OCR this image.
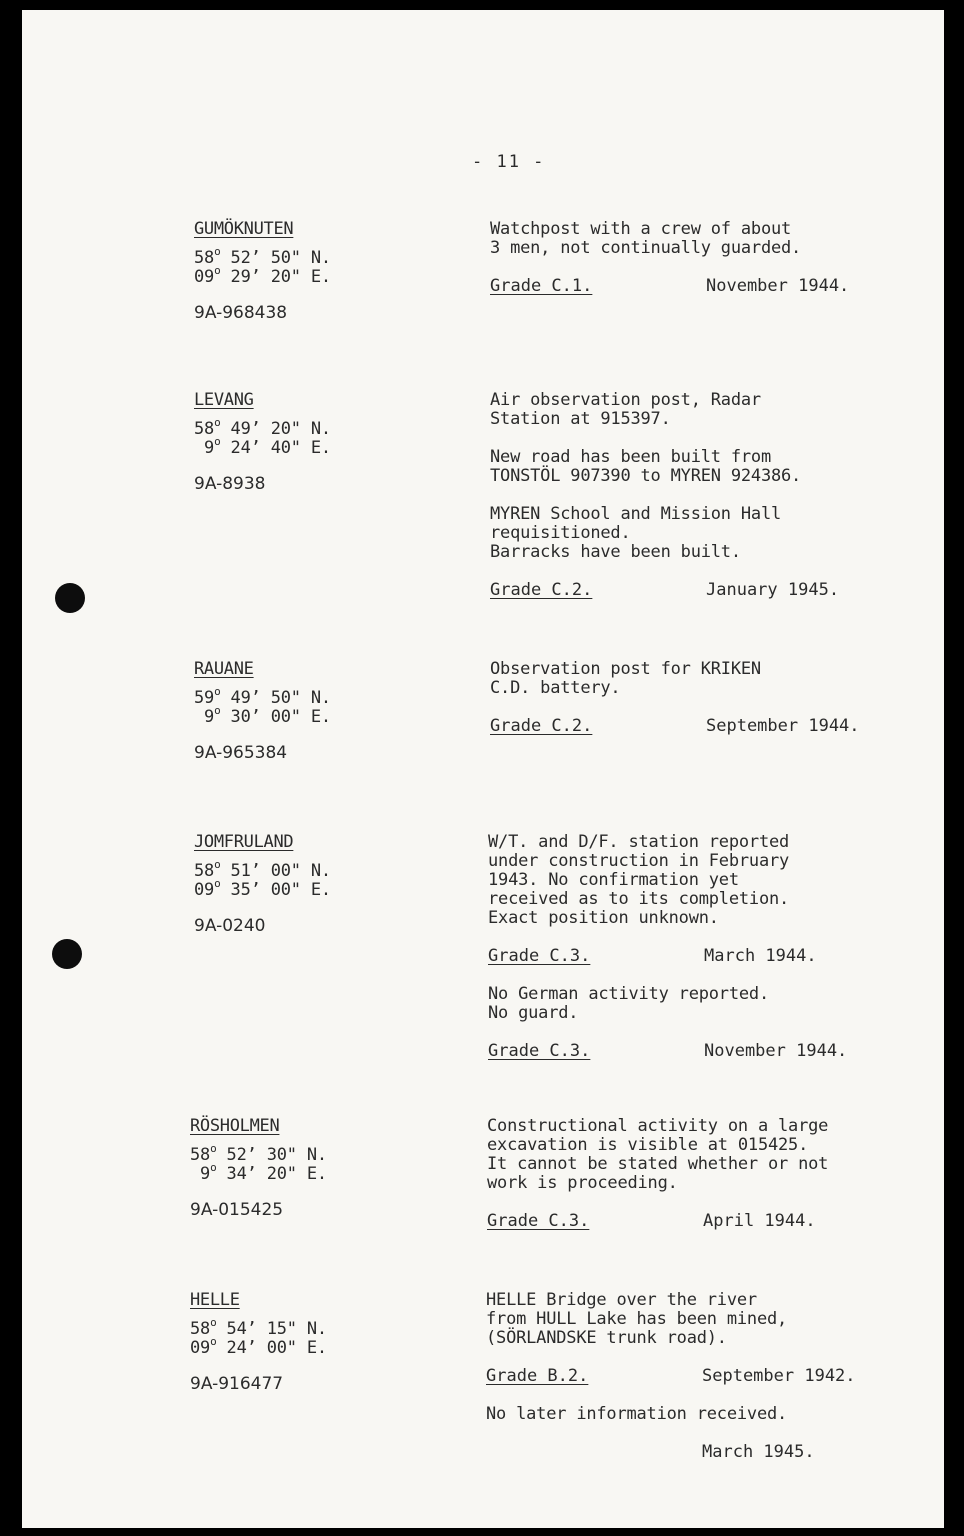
- 11 -
GUMÖKNUTEN
58$^o$ 52’ 50" N.
09$^o$ 29’ 20" E.
9A-968438
Watchpost with a crew of about
3 men, not continually guarded.
Grade C.1.	November 1944.
LEVANG
58$^o$ 49’ 20" N.
9$^o$ 24’ 40" E.
9A-8938
Air observation post, Radar
Station at 915397.
New road has been built from
TONSTÖL 907390 to MYREN 924386.
MYREN School and Mission Hall
requisitioned.
Barracks have been built.
Grade C.2.	January 1945.
RAUANE
59$^o$ 49’ 50" N.
9$^o$ 30’ 00" E.
9A-965384
Observation post for KRIKEN
C.D. battery.
Grade C.2.	September 1944.
JOMFRULAND
58$^o$ 51’ 00" N.
09$^o$ 35’ 00" E.
9A-0240
W/T. and D/F. station reported
under construction in February
1943. No confirmation yet
received as to its completion.
Exact position unknown.
Grade C.3.	March 1944.
No German activity reported.
No guard.
Grade C.3.	November 1944.
RÖSHOLMEN
58$^o$ 52’ 30" N.
9$^o$ 34’ 20" E.
9A-015425
Constructional activity on a large
excavation is visible at 015425.
It cannot be stated whether or not
work is proceeding.
Grade C.3.	April 1944.
HELLE
58$^o$ 54’ 15" N.
09$^o$ 24’ 00" E.
9A-916477
HELLE Bridge over the river
from HULL Lake has been mined,
(SÖRLANDSKE trunk road).
Grade B.2.	September 1942.
No later information received.
March 1945.
